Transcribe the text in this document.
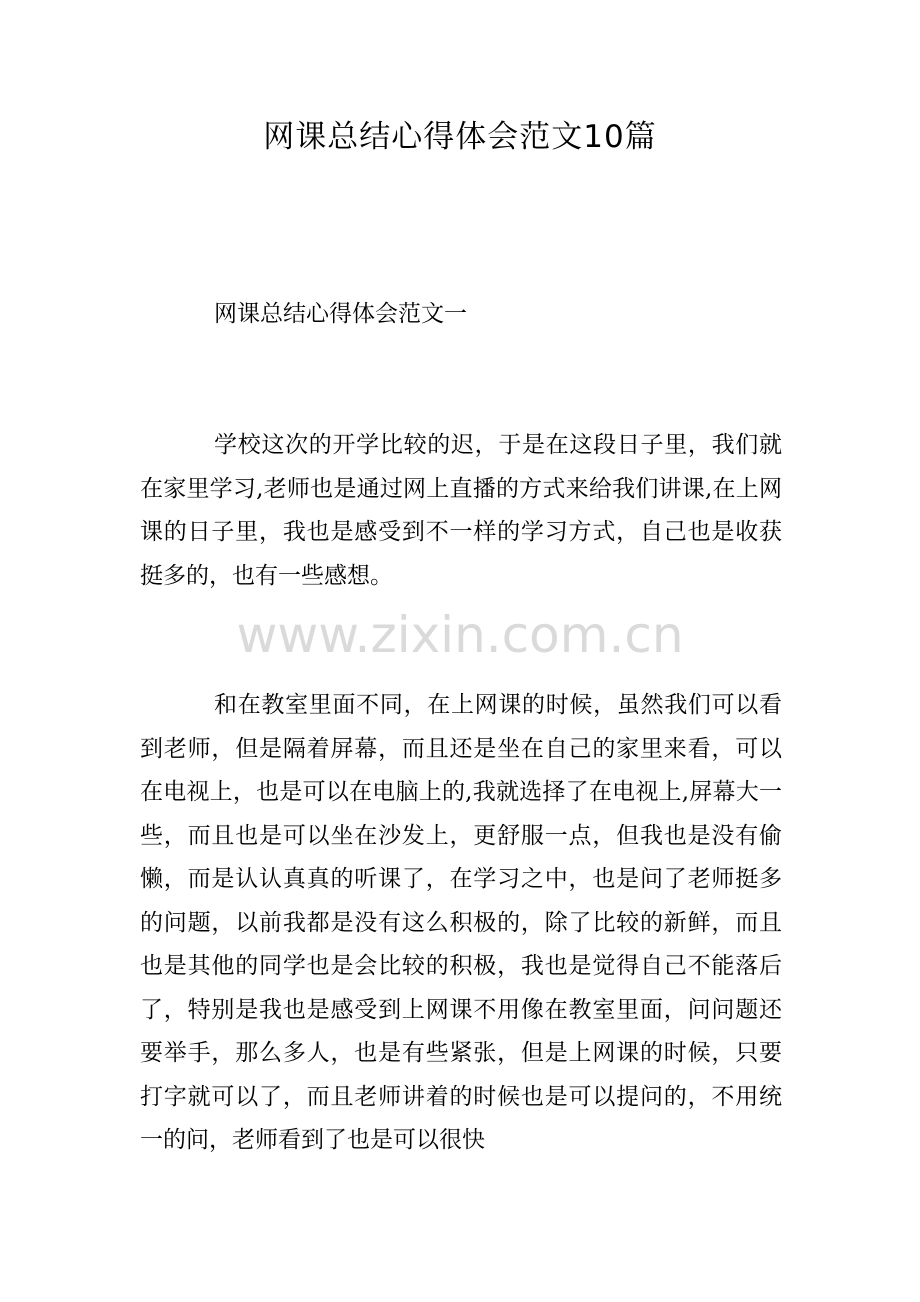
网课总结心得体会范文10篇
网课总结心得体会范文一

学校这次的开学比较的迟，于是在这段日子里，我们就在家里学习,老师也是通过网上直播的方式来给我们讲课,在上网课的日子里，我也是感受到不一样的学习方式，自己也是收获挺多的，也有一些感想。

www.zixin.com.cn

和在教室里面不同，在上网课的时候，虽然我们可以看到老师，但是隔着屏幕，而且还是坐在自己的家里来看，可以在电视上，也是可以在电脑上的,我就选择了在电视上,屏幕大一些，而且也是可以坐在沙发上，更舒服一点，但我也是没有偷懒，而是认认真真的听课了，在学习之中，也是问了老师挺多的问题，以前我都是没有这么积极的，除了比较的新鲜，而且也是其他的同学也是会比较的积极，我也是觉得自己不能落后了，特别是我也是感受到上网课不用像在教室里面，问问题还要举手，那么多人，也是有些紧张，但是上网课的时候，只要打字就可以了，而且老师讲着的时候也是可以提问的，不用统一的问，老师看到了也是可以很快
